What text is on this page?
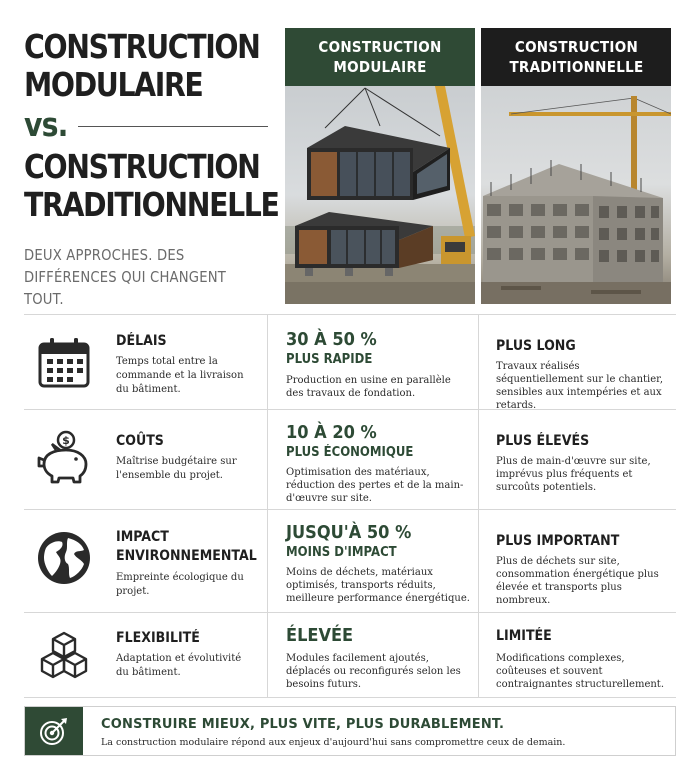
CONSTRUCTION
MODULAIRE
vs.
CONSTRUCTION
TRADITIONNELLE
DEUX APPROCHES. DES DIFFÉRENCES QUI CHANGENT TOUT.
CONSTRUCTION MODULAIRE
CONSTRUCTION TRADITIONNELLE
DÉLAIS
Temps total entre la commande et la livraison du bâtiment.
30 À 50 %
PLUS RAPIDE
Production en usine en parallèle des travaux de fondation.
PLUS LONG
Travaux réalisés séquentiellement sur le chantier, sensibles aux intempéries et aux retards.
$	COÛTS
Maîtrise budgétaire sur l'ensemble du projet.
10 À 20 %
PLUS ÉCONOMIQUE
Optimisation des matériaux, réduction des pertes et de la main-d'œuvre sur site.
PLUS ÉLEVÉS
Plus de main-d'œuvre sur site, imprévus plus fréquents et surcoûts potentiels.
IMPACT ENVIRONNEMENTAL
Empreinte écologique du projet.
JUSQU'À 50 %
MOINS D'IMPACT
Moins de déchets, matériaux optimisés, transports réduits, meilleure performance énergétique.
PLUS IMPORTANT
Plus de déchets sur site, consommation énergétique plus élevée et transports plus nombreux.
FLEXIBILITÉ
Adaptation et évolutivité du bâtiment.
ÉLEVÉE
Modules facilement ajoutés, déplacés ou reconfigurés selon les besoins futurs.
LIMITÉE
Modifications complexes, coûteuses et souvent contraignantes structurellement.
CONSTRUIRE MIEUX, PLUS VITE, PLUS DURABLEMENT.
La construction modulaire répond aux enjeux d'aujourd'hui sans compromettre ceux de demain.
